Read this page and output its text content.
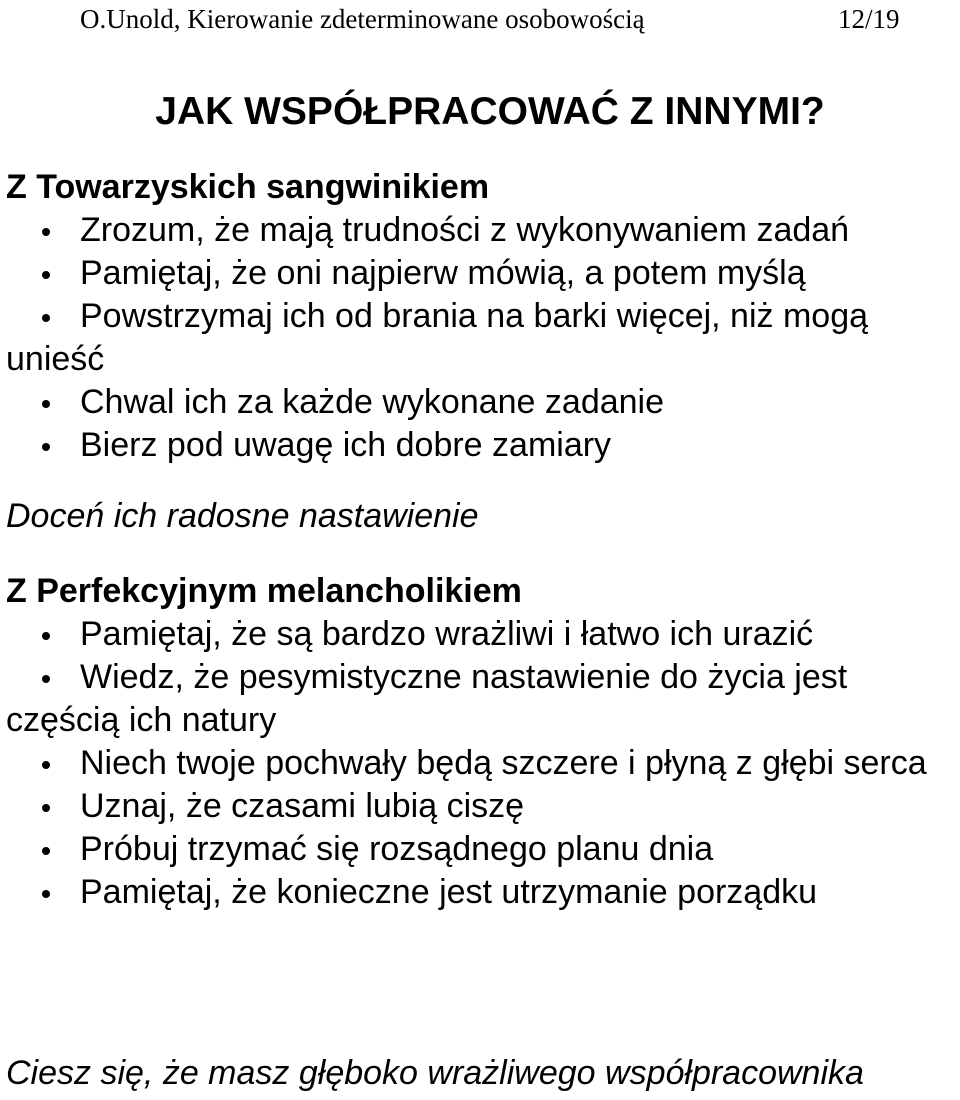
O.Unold, Kierowanie zdeterminowane osobowością	12/19
JAK WSPÓŁPRACOWAĆ Z INNYMI?

Z Towarzyskich sangwinikiem

Zrozum, że mają trudności z wykonywaniem zadań
Pamiętaj, że oni najpierw mówią, a potem myślą
Powstrzymaj ich od brania na barki więcej, niż mogą unieść
Chwal ich za każde wykonane zadanie
Bierz pod uwagę ich dobre zamiary

Doceń ich radosne nastawienie

Z Perfekcyjnym melancholikiem

Pamiętaj, że są bardzo wrażliwi i łatwo ich urazić
Wiedz, że pesymistyczne nastawienie do życia jest częścią ich natury
Niech twoje pochwały będą szczere i płyną z głębi serca
Uznaj, że czasami lubią ciszę
Próbuj trzymać się rozsądnego planu dnia
Pamiętaj, że konieczne jest utrzymanie porządku
Ciesz się, że masz głęboko wrażliwego współpracownika
